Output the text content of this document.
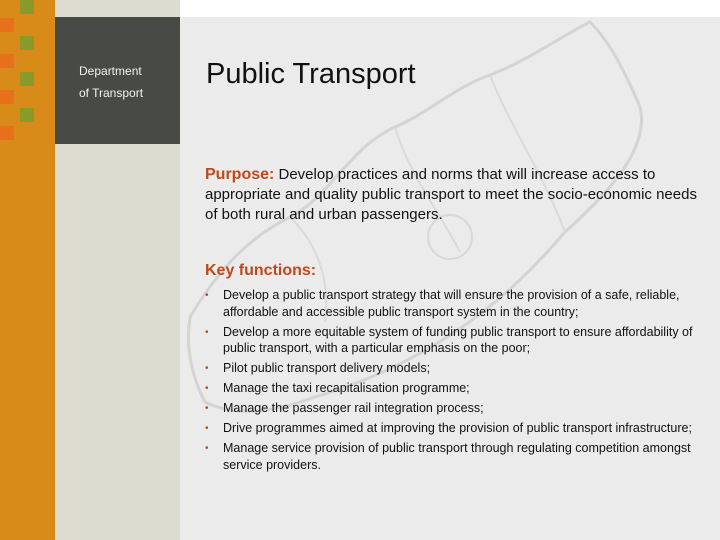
Department
of Transport
Public Transport
Purpose: Develop practices and norms that will increase access to appropriate and quality public transport to meet the socio-economic needs of both rural and urban passengers.
Key functions:
• Develop a public transport strategy that will ensure the provision of a safe, reliable, affordable and accessible public transport system in the country;
• Develop a more equitable system of funding public transport to ensure affordability of public transport, with a particular emphasis on the poor;
• Pilot public transport delivery models;
• Manage the taxi recapitalisation programme;
• Manage the passenger rail integration process;
• Drive programmes aimed at improving the provision of public transport infrastructure;
• Manage service provision of public transport through regulating competition amongst service providers.
